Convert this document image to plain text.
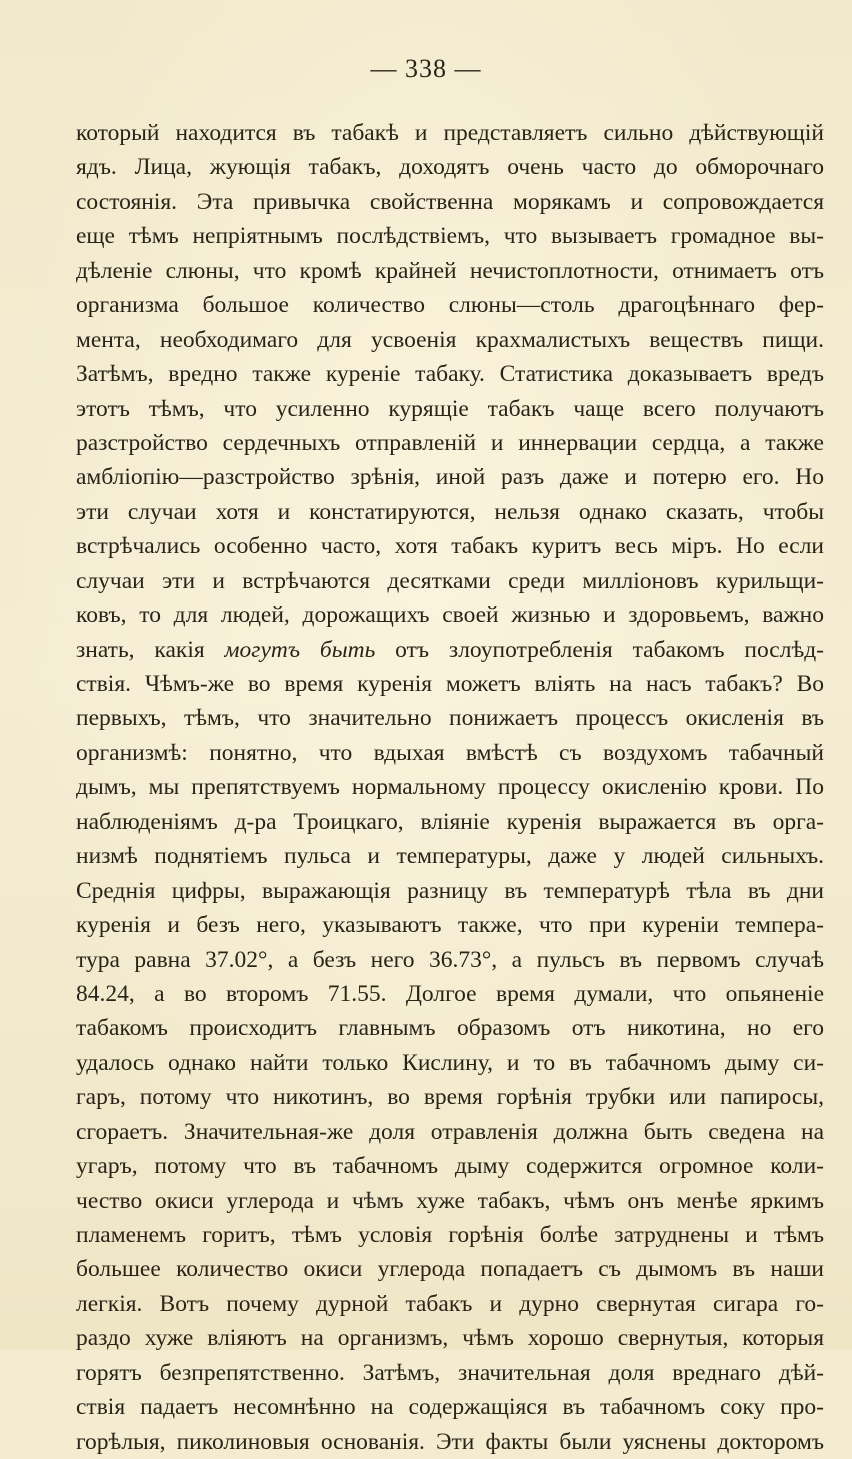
— 338 —
который находится въ табакѣ и представляетъ сильно дѣйствующій
ядъ. Лица, жующія табакъ, доходятъ очень часто до обморочнаго
состоянія. Эта привычка свойственна морякамъ и сопровождается
еще тѣмъ непріятнымъ послѣдствіемъ, что вызываетъ громадное вы-
дѣленіе слюны, что кромѣ крайней нечистоплотности, отнимаетъ отъ
организма большое количество слюны—столь драгоцѣннаго фер-
мента, необходимаго для усвоенія крахмалистыхъ веществъ пищи.
Затѣмъ, вредно также куреніе табаку. Статистика доказываетъ вредъ
этотъ тѣмъ, что усиленно курящіе табакъ чаще всего получаютъ
разстройство сердечныхъ отправленій и иннервации сердца, а также
амбліопію—разстройство зрѣнія, иной разъ даже и потерю его. Но
эти случаи хотя и констатируются, нельзя однако сказать, чтобы
встрѣчались особенно часто, хотя табакъ куритъ весь міръ. Но если
случаи эти и встрѣчаются десятками среди милліоновъ курильщи-
ковъ, то для людей, дорожащихъ своей жизнью и здоровьемъ, важно
знать, какія могутъ быть отъ злоупотребленія табакомъ послѣд-
ствія. Чѣмъ-же во время куренія можетъ вліять на насъ табакъ? Во
первыхъ, тѣмъ, что значительно понижаетъ процессъ окисленія въ
организмѣ: понятно, что вдыхая вмѣстѣ съ воздухомъ табачный
дымъ, мы препятствуемъ нормальному процессу окисленію крови. По
наблюденіямъ д-ра Троицкаго, вліяніе куренія выражается въ орга-
низмѣ поднятіемъ пульса и температуры, даже у людей сильныхъ.
Среднія цифры, выражающія разницу въ температурѣ тѣла въ дни
куренія и безъ него, указываютъ также, что при куреніи темпера-
тура равна 37.02°, а безъ него 36.73°, а пульсъ въ первомъ случаѣ
84.24, а во второмъ 71.55. Долгое время думали, что опьяненіе
табакомъ происходитъ главнымъ образомъ отъ никотина, но его
удалось однако найти только Кислину, и то въ табачномъ дыму си-
гаръ, потому что никотинъ, во время горѣнія трубки или папиросы,
сгораетъ. Значительная-же доля отравленія должна быть сведена на
угаръ, потому что въ табачномъ дыму содержится огромное коли-
чество окиси углерода и чѣмъ хуже табакъ, чѣмъ онъ менѣе яркимъ
пламенемъ горитъ, тѣмъ условія горѣнія болѣе затруднены и тѣмъ
большее количество окиси углерода попадаетъ съ дымомъ въ наши
легкія. Вотъ почему дурной табакъ и дурно свернутая сигара го-
раздо хуже вліяютъ на организмъ, чѣмъ хорошо свернутыя, которыя
горятъ безпрепятственно. Затѣмъ, значительная доля вреднаго дѣй-
ствія падаетъ несомнѣнно на содержащіяся въ табачномъ соку про-
горѣлыя, пиколиновыя основанія. Эти факты были уяснены докторомъ
